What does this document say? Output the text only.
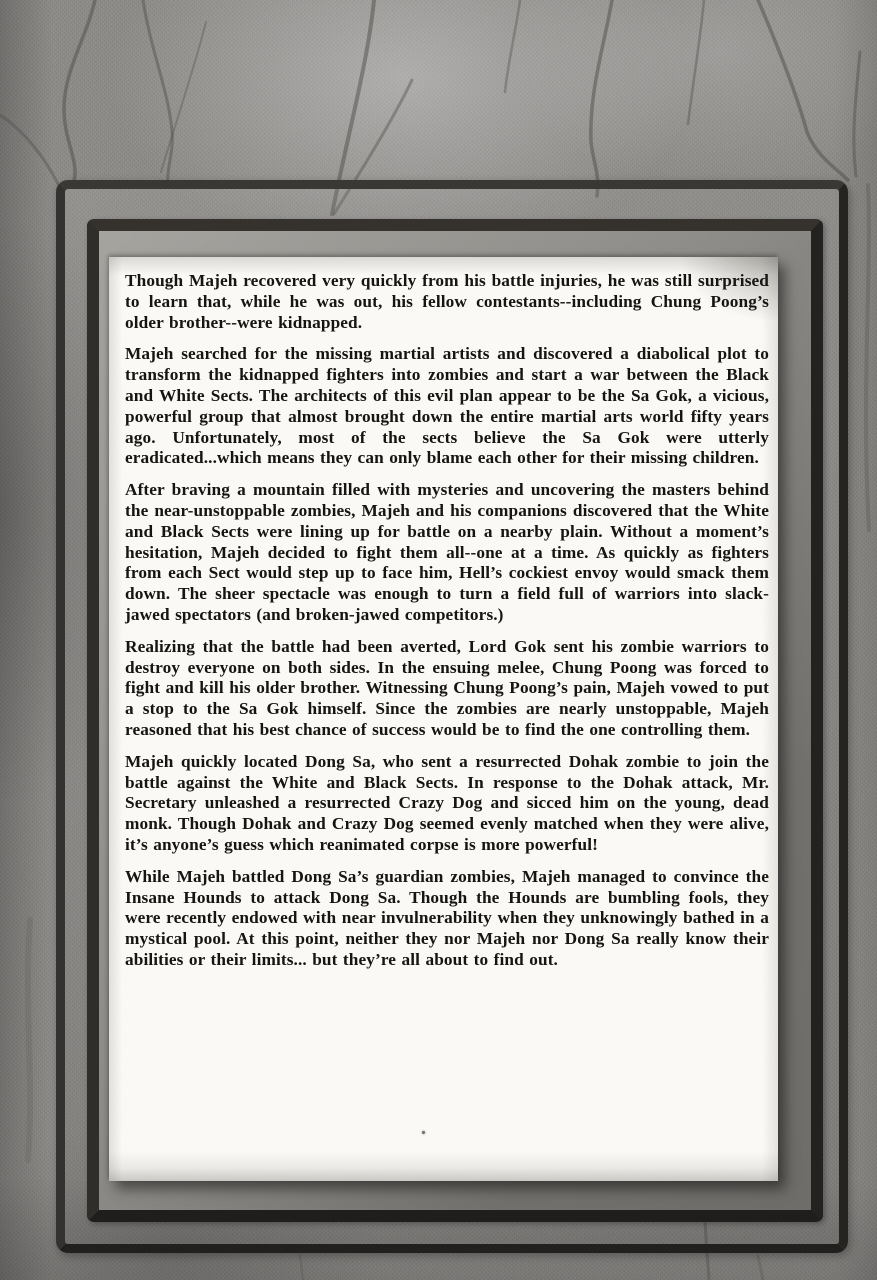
Though Majeh recovered very quickly from his battle injuries, he was still surprised to learn that, while he was out, his fellow contestants--including Chung Poong’s older brother--were kidnapped.

Majeh searched for the missing martial artists and discovered a diabolical plot to transform the kidnapped fighters into zombies and start a war between the Black and White Sects. The architects of this evil plan appear to be the Sa Gok, a vicious, powerful group that almost brought down the entire martial arts world fifty years ago. Unfortunately, most of the sects believe the Sa Gok were utterly eradicated...which means they can only blame each other for their missing children.

After braving a mountain filled with mysteries and uncovering the masters behind the near-unstoppable zombies, Majeh and his companions discovered that the White and Black Sects were lining up for battle on a nearby plain. Without a moment’s hesitation, Majeh decided to fight them all--one at a time. As quickly as fighters from each Sect would step up to face him, Hell’s cockiest envoy would smack them down. The sheer spectacle was enough to turn a field full of warriors into slack-jawed spectators (and broken-jawed competitors.)

Realizing that the battle had been averted, Lord Gok sent his zombie warriors to destroy everyone on both sides. In the ensuing melee, Chung Poong was forced to fight and kill his older brother. Witnessing Chung Poong’s pain, Majeh vowed to put a stop to the Sa Gok himself. Since the zombies are nearly unstoppable, Majeh reasoned that his best chance of success would be to find the one controlling them.

Majeh quickly located Dong Sa, who sent a resurrected Dohak zombie to join the battle against the White and Black Sects. In response to the Dohak attack, Mr. Secretary unleashed a resurrected Crazy Dog and sicced him on the young, dead monk. Though Dohak and Crazy Dog seemed evenly matched when they were alive, it’s anyone’s guess which reanimated corpse is more powerful!

While Majeh battled Dong Sa’s guardian zombies, Majeh managed to convince the Insane Hounds to attack Dong Sa. Though the Hounds are bumbling fools, they were recently endowed with near invulnerability when they unknowingly bathed in a mystical pool. At this point, neither they nor Majeh nor Dong Sa really know their abilities or their limits... but they’re all about to find out.
